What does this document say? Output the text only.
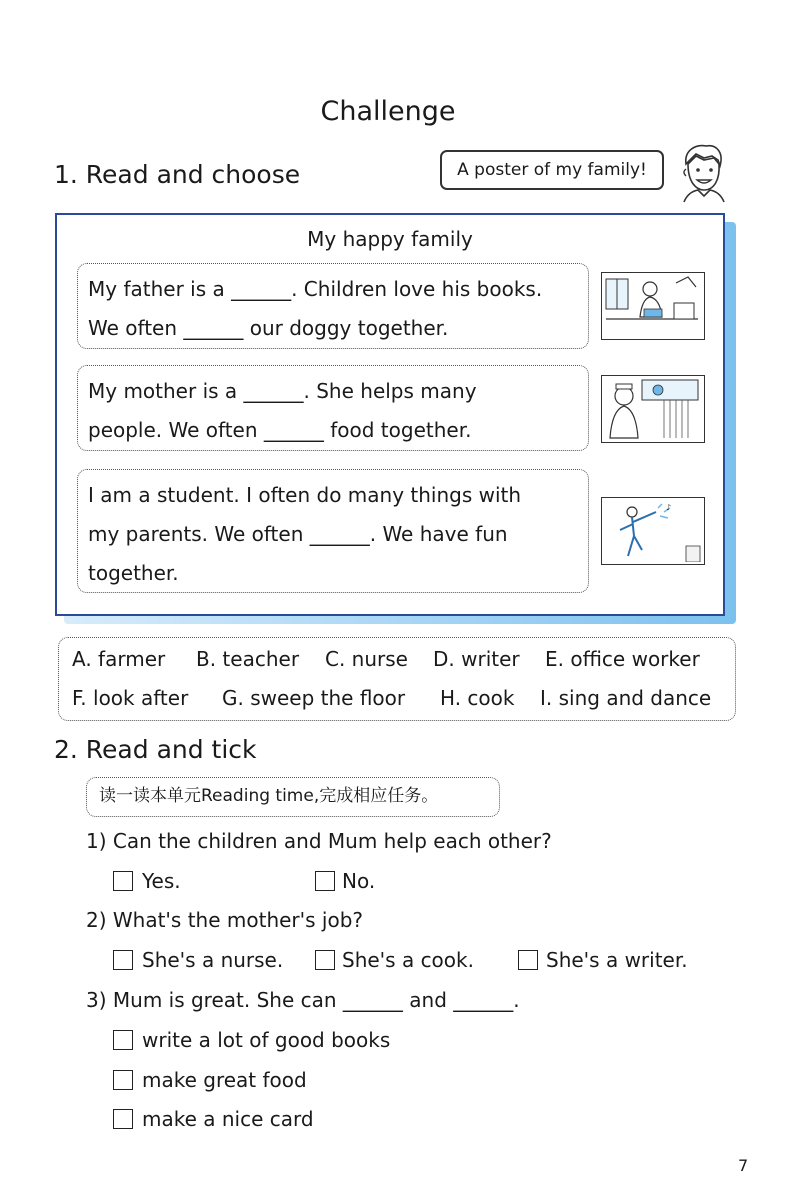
Challenge
1. Read and choose	A poster of my family!
My happy family
My father is a ______. Children love his books.
We often ______ our doggy together.
My mother is a ______. She helps many
people. We often ______ food together.
I am a student. I often do many things with
my parents. We often ______. We have fun
together.
♪
A. farmer B. teacher C. nurse D. writer E. office worker
F. look after G. sweep the floor H. cook I. sing and dance
2. Read and tick
读一读本单元Reading time,完成相应任务。
1) Can the children and Mum help each other?
Yes.	No.
2) What's the mother's job?
She's a nurse.	She's a cook.	She's a writer.
3) Mum is great. She can ______ and ______.
write a lot of good books
make great food
make a nice card
7
